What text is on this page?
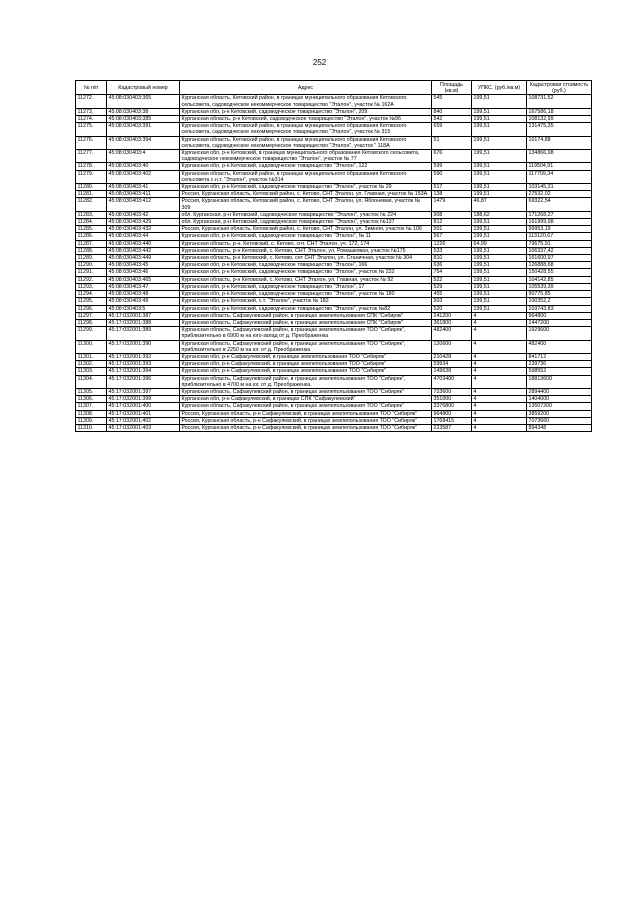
252
№ п/п	Кадастровый номер	Адрес	Площадь (кв.м)	УПКС. (руб./кв.м)	Кадастровая стоимость (руб.)
11272.	45:08:030403:365	Курганская область, Кетовский район, в границах муниципального образования Кетовского сельсовета, садоводческое некоммерческое товарищество "Эталон", участок № 162А	545	199,51	108731,52
11273.	45:08:030403:38	Курганская обл, р-н Кетовский, садоводческое товарищество "Эталон", 209	840	199,51	167586,18
11274.	45:08:030403:385	Курганская область, р-н Кетовский, садоводческое товарищество "Эталон", участок №96	542	199,51	108132,99
11275.	45:08:030403:391	Курганская область, Кетовский район, в границах муниципального образования Кетовского сельсовета, садоводческое некоммерческое товарищество "Эталон", участок № 315	659	199,51	131475,35
11276.	45:08:030403:394	Курганская область, Кетовский район, в границах муниципального образования Кетовского сельсовета, садоводческое некоммерческое товарищество "Эталон", участок " 118А	51	199,51	10174,88
11277.	45:08:030403:4	Курганская обл, р-н Кетовский, в границах муниципального образования Кетовского сельсовета, садоводческое некоммерческое товарищество "Эталон", участок № 77	676	199,51	134866,98
11278.	45:08:030403:40	Курганская обл, р-н Кетовский, садоводческое товарищество "Эталон", 122	599	199,51	119504,91
11279.	45:08:030403:402	Курганская область, Кетовский район, в границах муниципального образования Кетовского сельсовета с.н.т. "Эталон", участок №314	590	199,51	117709,34
11280.	45:08:030403:41	Курганская обл, р-н Кетовский, садоводческое товарищество "Эталон", участок № 29	517	199,51	103145,31
11281.	45:08:030403:411	Россия, Курганская область, Кетовский район, с. Кетово, СНТ Эталон, ул. Главная, участок № 153А	138	199,51	27532,02
11282.	45:08:030403:412	Россия, Курганская область, Кетовский район, с. Кетово, СНТ Эталон, ул. Яблоневая, участок № 309	1479	46,87	69322,54
11283.	45:08:030403:42	обл. Курганская, р-н Кетовский, садоводческое товарищество "Эталон", участок № 224	908	188,62	171268,27
11284.	45:08:030403:429	обл. Курганская, р-н Кетовский, садоводческое товарищество "Эталон", участок №137	812	199,51	161999,98
11285.	45:08:030403:432	Россия, Курганская область, Кетовский район, с. Кетово, СНТ Эталон, ул. Зимняя, участок № 106	501	199,51	99953,19
11286.	45:08:030403:44	Курганская обл, р-н Кетовский, садоводческое товарищество "Эталон", № 11	567	199,51	113120,67
11287.	45:08:030403:440	Курганская область, р-н. Кетовский, с. Кетово, снт. СНТ Эталон, уч. 172, 174	1226	64,99	79675,91
11288.	45:08:030403:442	Курганская область, р-н Кетовский, с. Кетово, СНТ Эталон, ул. Ромашковая, участок №175	533	199,51	106337,42
11289.	45:08:030403:449	Курганская область, р-н Кетовский, с. Кетово, снт СНТ Эталон, ул. Станичная, участок № 304	810	199,51	161600,97
11290.	45:08:030403:45	Курганская обл, р-н Кетовский, садоводческое товарищество "Эталон", 166	636	199,51	126888,68
11291.	45:08:030403:46	Курганская обл, р-н Кетовский, садоводческое товарищество "Эталон", участок № 232	754	199,51	150428,55
11292.	45:08:030403:465	Курганская область, р-н Кетовский, с. Кетово, СНТ Эталон, ул. Главная, участок № 92	522	199,51	104142,85
11293.	45:08:030403:47	Курганская обл, р-н Кетовский, садоводческое товарищество "Эталон", 17	529	199,51	105539,39
11294.	45:08:030403:48	Курганская обл, р-н Кетовский, садоводческое товарищество "Эталон", участок № 180	455	199,51	90775,85
11295.	45:08:030403:49	Курганская обл, р-н Кетовский, с.т. "Эталон", участок № 182	503	199,51	100352,2
11296.	45:08:030403:5	Курганская обл, р-н Кетовский, садоводческое товарищество "Эталон", участок №82	520	199,51	103743,83
11297.	45:17:032001:387	Курганская область, Сафакулевский район, в границах землепользования СПК "Сибиряк"	241200	4	964800
11298.	45:17:032001:388	Курганская область, Сафакулевский район, в границах землепользования СПК "Сибиряк"	361800	4	1447200
11299.	45:17:032001:389	Курганская область, Сафакулевский район, в границах землепользования ТОО "Сибиряк", приблизительно в 6900 м на юго-запад от д. Преображенка	482400	4	1929600
11300.	45:17:032001:390	Курганская область, Сафакулевский район, в границах землепользования ТОО "Сибиряк", приблизительно в 2250 м на юг. от д. Преображенка	120600	4	482400
11301.	45:17:032001:392	Курганская обл, р-н Сафакулевский, в границах землепользования ТОО "Сибиряк"	210428	4	841712
11302.	45:17:032001:393	Курганская обл, р-н Сафакулевский, в границах землепользования ТОО "Сибиряк"	59934	4	239736
11303.	45:17:032001:394	Курганская обл, р-н Сафакулевский, в границах землепользования ТОО "Сибиряк"	149638	4	598552
11304.	45:17:032001:396	Курганская область, Сафакулевский район, в границах землепользования ТОО "Сибиряк", приблизительно в 4700 м на юг. от д. Преображенка.	4703400	4	18813600
11305.	45:17:032001:397	Курганская область, Сафакулевский район, в границах землепользования ТОО "Сибиряк"	723600	4	2894400
11306.	45:17:032001:399	Курганская обл, р-н Сафакулевский, в границах СПК "Сафакулевский"	351000	4	1404000
11307.	45:17:032001:400	Курганская область, Сафакулевский район, в границах землепользования ТОО "Сибиряк"	3376800	4	13507200
11308.	45:17:032001:401	Россия, Курганская область, р-н Сафакулевский, в границах землепользования ТОО "Сибиряк"	964800	4	3859200
11309.	45:17:032001:402	Россия, Курганская область, р-н Сафакулевский, в границах землепользования ТОО "Сибиряк"	1768415	4	7073660
11310.	45:17:032001:403	Россия, Курганская область, р-н Сафакулевский, в границах землепользования ТОО "Сибиряк"	223587	4	894348
